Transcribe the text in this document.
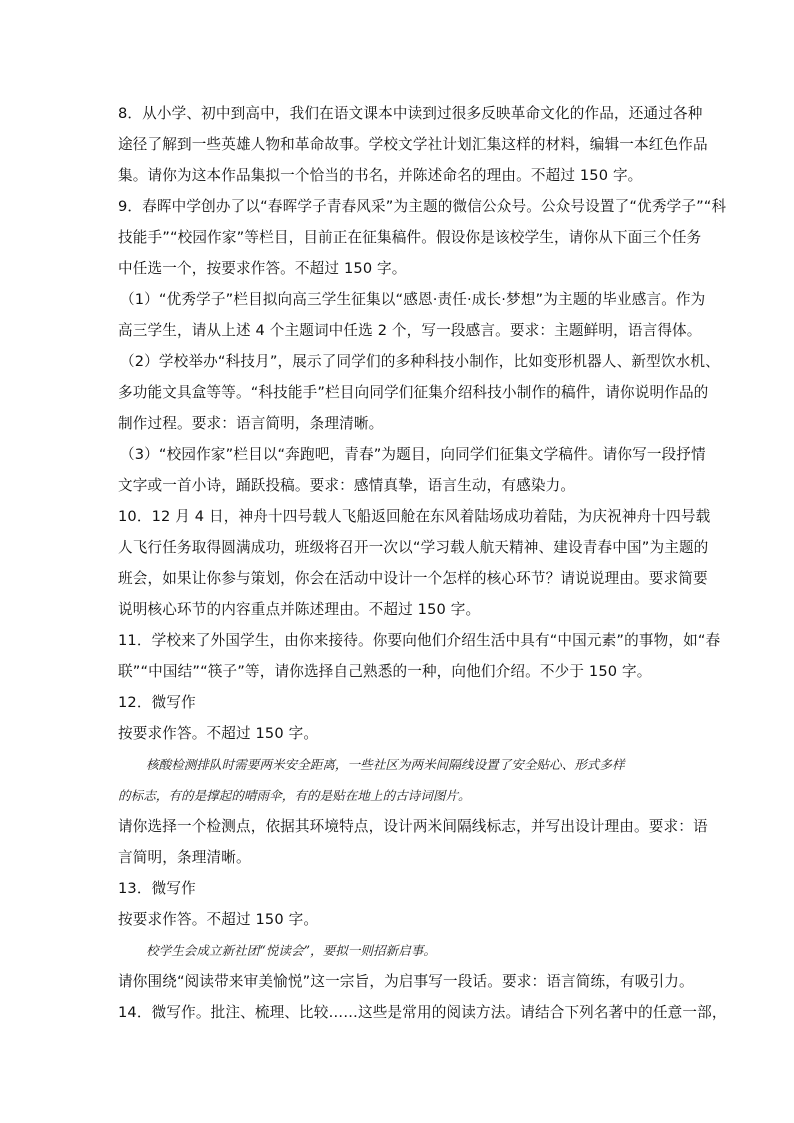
8．从小学、初中到高中，我们在语文课本中读到过很多反映革命文化的作品，还通过各种
途径了解到一些英雄人物和革命故事。学校文学社计划汇集这样的材料，编辑一本红色作品
集。请你为这本作品集拟一个恰当的书名，并陈述命名的理由。不超过 150 字。
9．春晖中学创办了以“春晖学子青春风采”为主题的微信公众号。公众号设置了“优秀学子”“科
技能手”“校园作家”等栏目，目前正在征集稿件。假设你是该校学生，请你从下面三个任务
中任选一个，按要求作答。不超过 150 字。
（1）“优秀学子”栏目拟向高三学生征集以“感恩·责任·成长·梦想”为主题的毕业感言。作为
高三学生，请从上述 4 个主题词中任选 2 个，写一段感言。要求：主题鲜明，语言得体。
（2）学校举办“科技月”，展示了同学们的多种科技小制作，比如变形机器人、新型饮水机、
多功能文具盒等等。“科技能手”栏目向同学们征集介绍科技小制作的稿件，请你说明作品的
制作过程。要求：语言简明，条理清晰。
（3）“校园作家”栏目以“奔跑吧，青春”为题目，向同学们征集文学稿件。请你写一段抒情
文字或一首小诗，踊跃投稿。要求：感情真挚，语言生动，有感染力。
10．12 月 4 日，神舟十四号载人飞船返回舱在东风着陆场成功着陆，为庆祝神舟十四号载
人飞行任务取得圆满成功，班级将召开一次以“学习载人航天精神、建设青春中国”为主题的
班会，如果让你参与策划，你会在活动中设计一个怎样的核心环节？请说说理由。要求简要
说明核心环节的内容重点并陈述理由。不超过 150 字。
11．学校来了外国学生，由你来接待。你要向他们介绍生活中具有“中国元素”的事物，如“春
联”“中国结”“筷子”等，请你选择自己熟悉的一种，向他们介绍。不少于 150 字。
12．微写作
按要求作答。不超过 150 字。
核酸检测排队时需要两米安全距离，一些社区为两米间隔线设置了安全贴心、形式多样
的标志，有的是撑起的晴雨伞，有的是贴在地上的古诗词图片。
请你选择一个检测点，依据其环境特点，设计两米间隔线标志，并写出设计理由。要求：语
言简明，条理清晰。
13．微写作
按要求作答。不超过 150 字。
校学生会成立新社团“悦读会”，要拟一则招新启事。
请你围绕“阅读带来审美愉悦”这一宗旨，为启事写一段话。要求：语言简练，有吸引力。
14．微写作。批注、梳理、比较……这些是常用的阅读方法。请结合下列名著中的任意一部，
